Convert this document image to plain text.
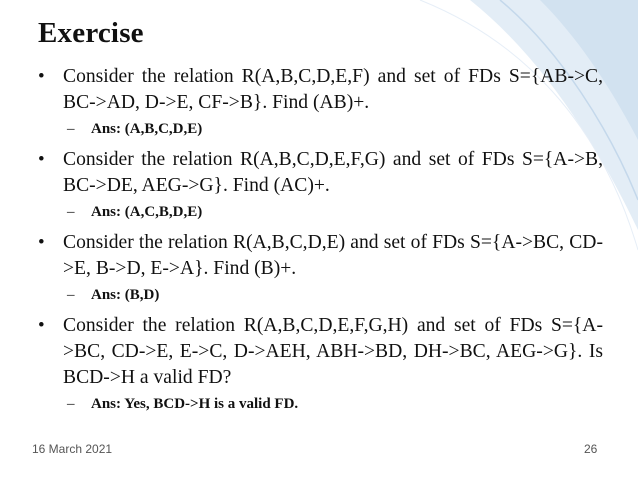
Exercise
• Consider the relation R(A,B,C,D,E,F) and set of FDs S={AB->C, BC->AD, D->E, CF->B}. Find (AB)+.
– Ans: (A,B,C,D,E)
• Consider the relation R(A,B,C,D,E,F,G) and set of FDs S={A->B, BC->DE, AEG->G}. Find (AC)+.
– Ans: (A,C,B,D,E)
• Consider the relation R(A,B,C,D,E) and set of FDs S={A->BC, CD->E, B->D, E->A}. Find (B)+.
– Ans: (B,D)
• Consider the relation R(A,B,C,D,E,F,G,H) and set of FDs S={A->BC, CD->E, E->C, D->AEH, ABH->BD, DH->BC, AEG->G}. Is BCD->H a valid FD?
– Ans: Yes, BCD->H is a valid FD.
16 March 2021	26
